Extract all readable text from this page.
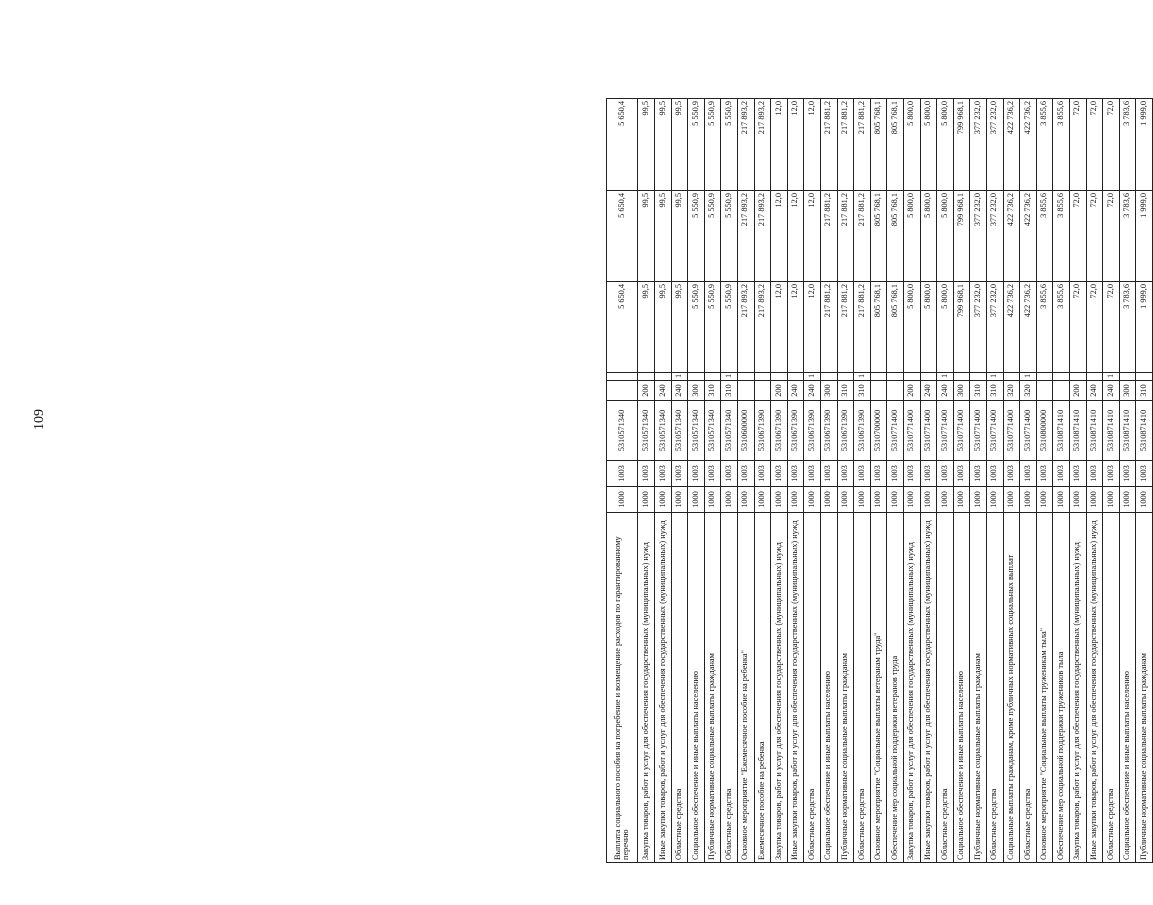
109
Выплата социального пособия на погребение и возмещение расходов по гарантированному перечню	1000	1003	5310571340			5 650,4	5 650,4	5 650,4
Закупка товаров, работ и услуг для обеспечения государственных (муниципальных) нужд	1000	1003	5310571340	200		99,5	99,5	99,5
Иные закупки товаров, работ и услуг для обеспечения государственных (муниципальных) нужд	1000	1003	5310571340	240		99,5	99,5	99,5
Областные средства	1000	1003	5310571340	240	1	99,5	99,5	99,5
Социальное обеспечение и иные выплаты населению	1000	1003	5310571340	300		5 550,9	5 550,9	5 550,9
Публичные нормативные социальные выплаты гражданам	1000	1003	5310571340	310		5 550,9	5 550,9	5 550,9
Областные средства	1000	1003	5310571340	310	1	5 550,9	5 550,9	5 550,9
Основное мероприятие "Ежемесячное пособие на ребенка"	1000	1003	5310600000			217 893,2	217 893,2	217 893,2
Ежемесячное пособие на ребенка	1000	1003	5310671390			217 893,2	217 893,2	217 893,2
Закупка товаров, работ и услуг для обеспечения государственных (муниципальных) нужд	1000	1003	5310671390	200		12,0	12,0	12,0
Иные закупки товаров, работ и услуг для обеспечения государственных (муниципальных) нужд	1000	1003	5310671390	240		12,0	12,0	12,0
Областные средства	1000	1003	5310671390	240	1	12,0	12,0	12,0
Социальное обеспечение и иные выплаты населению	1000	1003	5310671390	300		217 881,2	217 881,2	217 881,2
Публичные нормативные социальные выплаты гражданам	1000	1003	5310671390	310		217 881,2	217 881,2	217 881,2
Областные средства	1000	1003	5310671390	310	1	217 881,2	217 881,2	217 881,2
Основное мероприятие "Социальные выплаты ветеранам труда"	1000	1003	5310700000			805 768,1	805 768,1	805 768,1
Обеспечение мер социальной поддержки ветеранов труда	1000	1003	5310771400			805 768,1	805 768,1	805 768,1
Закупка товаров, работ и услуг для обеспечения государственных (муниципальных) нужд	1000	1003	5310771400	200		5 800,0	5 800,0	5 800,0
Иные закупки товаров, работ и услуг для обеспечения государственных (муниципальных) нужд	1000	1003	5310771400	240		5 800,0	5 800,0	5 800,0
Областные средства	1000	1003	5310771400	240	1	5 800,0	5 800,0	5 800,0
Социальное обеспечение и иные выплаты населению	1000	1003	5310771400	300		799 968,1	799 968,1	799 968,1
Публичные нормативные социальные выплаты гражданам	1000	1003	5310771400	310		377 232,0	377 232,0	377 232,0
Областные средства	1000	1003	5310771400	310	1	377 232,0	377 232,0	377 232,0
Социальные выплаты гражданам, кроме публичных нормативных социальных выплат	1000	1003	5310771400	320		422 736,2	422 736,2	422 736,2
Областные средства	1000	1003	5310771400	320	1	422 736,2	422 736,2	422 736,2
Основное мероприятие "Социальные выплаты труженикам тыла"	1000	1003	5310800000			3 855,6	3 855,6	3 855,6
Обеспечение мер социальной поддержки тружеников тыла	1000	1003	5310871410			3 855,6	3 855,6	3 855,6
Закупка товаров, работ и услуг для обеспечения государственных (муниципальных) нужд	1000	1003	5310871410	200		72,0	72,0	72,0
Иные закупки товаров, работ и услуг для обеспечения государственных (муниципальных) нужд	1000	1003	5310871410	240		72,0	72,0	72,0
Областные средства	1000	1003	5310871410	240	1	72,0	72,0	72,0
Социальное обеспечение и иные выплаты населению	1000	1003	5310871410	300		3 783,6	3 783,6	3 783,6
Публичные нормативные социальные выплаты гражданам	1000	1003	5310871410	310		1 999,0	1 999,0	1 999,0
